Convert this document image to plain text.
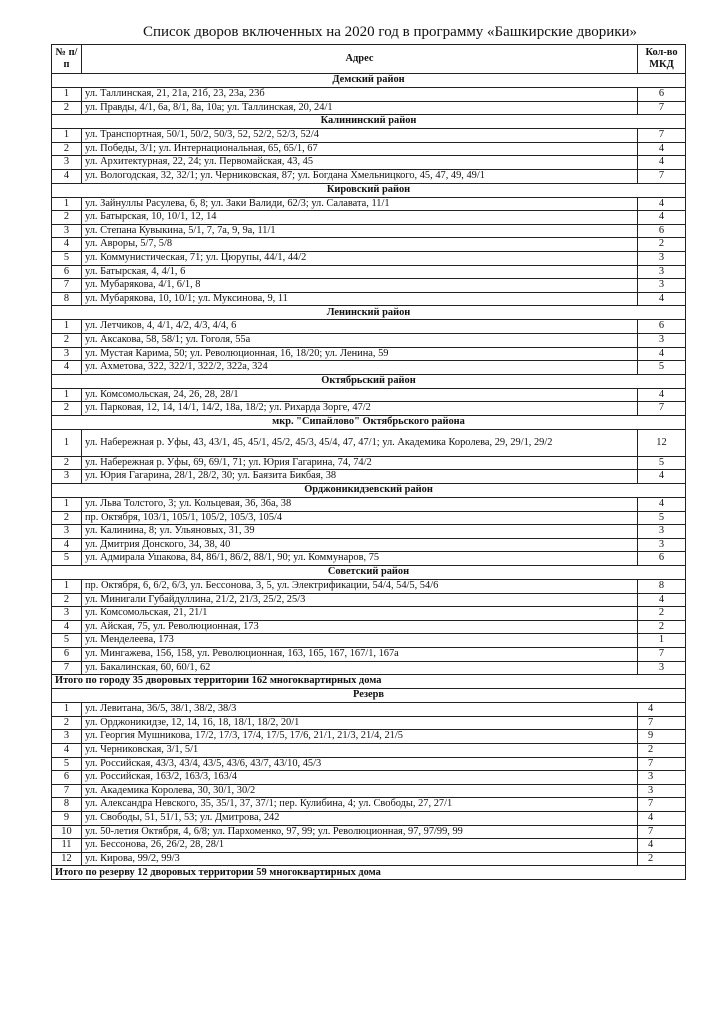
Список дворов включенных на 2020 год в программу «Башкирские дворики»
№ п/п	Адрес	Кол-во МКД
Демский район		
1	ул. Таллинская, 21, 21а, 21б, 23, 23а, 23б	6
2	ул. Правды, 4/1, 6а, 8/1, 8а, 10а; ул. Таллинская, 20, 24/1	7
Калининский район		
1	ул. Транспортная, 50/1, 50/2, 50/3, 52, 52/2, 52/3, 52/4	7
2	ул. Победы, 3/1; ул. Интернациональная, 65, 65/1, 67	4
3	ул. Архитектурная, 22, 24; ул. Первомайская, 43, 45	4
4	ул. Вологодская, 32, 32/1; ул. Черниковская, 87; ул. Богдана Хмельницкого, 45, 47, 49, 49/1	7
Кировский район		
1	ул. Зайнуллы Расулева, 6, 8; ул. Заки Валиди, 62/3; ул. Салавата, 11/1	4
2	ул. Батырская, 10, 10/1, 12, 14	4
3	ул. Степана Кувыкина, 5/1, 7, 7а, 9, 9а, 11/1	6
4	ул. Авроры, 5/7, 5/8	2
5	ул. Коммунистическая, 71; ул. Цюрупы, 44/1, 44/2	3
6	ул. Батырская, 4, 4/1, 6	3
7	ул. Мубарякова, 4/1, 6/1, 8	3
8	ул. Мубарякова, 10, 10/1; ул. Муксинова, 9, 11	4
Ленинский район		
1	ул. Летчиков, 4, 4/1, 4/2, 4/3, 4/4, 6	6
2	ул. Аксакова, 58, 58/1; ул. Гоголя, 55а	3
3	ул. Мустая Карима, 50; ул. Революционная, 16, 18/20; ул. Ленина, 59	4
4	ул. Ахметова, 322, 322/1, 322/2, 322а, 324	5
Октябрьский район		
1	ул. Комсомольская, 24, 26, 28, 28/1	4
2	ул. Парковая, 12, 14, 14/1, 14/2, 18а, 18/2; ул. Рихарда Зорге, 47/2	7
мкр. "Сипайлово" Октябрьского района		
1	ул. Набережная р. Уфы, 43, 43/1, 45, 45/1, 45/2, 45/3, 45/4, 47, 47/1; ул. Академика Королева, 29, 29/1, 29/2	12
2	ул. Набережная р. Уфы, 69, 69/1, 71; ул. Юрия Гагарина, 74, 74/2	5
3	ул. Юрия Гагарина, 28/1, 28/2, 30; ул. Баязита Бикбая, 38	4
Орджоникидзевский район		
1	ул. Льва Толстого, 3; ул. Кольцевая, 36, 36а, 38	4
2	пр. Октября, 103/1, 105/1, 105/2, 105/3, 105/4	5
3	ул. Калинина, 8; ул. Ульяновых, 31, 39	3
4	ул. Дмитрия Донского, 34, 38, 40	3
5	ул. Адмирала Ушакова, 84, 86/1, 86/2, 88/1, 90; ул. Коммунаров, 75	6
Советский район		
1	пр. Октября, 6, 6/2, 6/3, ул. Бессонова, 3, 5, ул. Электрификации, 54/4, 54/5, 54/6	8
2	ул. Минигали Губайдуллина, 21/2, 21/3, 25/2, 25/3	4
3	ул. Комсомольская, 21, 21/1	2
4	ул. Айская, 75, ул. Революционная, 173	2
5	ул. Менделеева, 173	1
6	ул. Мингажева, 156, 158, ул. Революционная, 163, 165, 167, 167/1, 167а	7
7	ул. Бакалинская, 60, 60/1, 62	3
Итого по городу 35 дворовых территории 162 многоквартирных дома		
Резерв		
1	ул. Левитана, 36/5, 38/1, 38/2, 38/3	4
2	ул. Орджоникидзе, 12, 14, 16, 18, 18/1, 18/2, 20/1	7
3	ул. Георгия Мушникова, 17/2, 17/3, 17/4, 17/5, 17/6, 21/1, 21/3, 21/4, 21/5	9
4	ул. Черниковская, 3/1, 5/1	2
5	ул. Российская, 43/3, 43/4, 43/5, 43/6, 43/7, 43/10, 45/3	7
6	ул. Российская, 163/2, 163/3, 163/4	3
7	ул. Академика Королева, 30, 30/1, 30/2	3
8	ул. Александра Невского, 35, 35/1, 37, 37/1; пер. Кулибина, 4; ул. Свободы, 27, 27/1	7
9	ул. Свободы, 51, 51/1, 53; ул. Дмитрова, 242	4
10	ул. 50-летия Октября, 4, 6/8; ул. Пархоменко, 97, 99; ул. Революционная, 97, 97/99, 99	7
11	ул. Бессонова, 26, 26/2, 28, 28/1	4
12	ул. Кирова, 99/2, 99/3	2
Итого по резерву 12 дворовых территории 59 многоквартирных дома		
